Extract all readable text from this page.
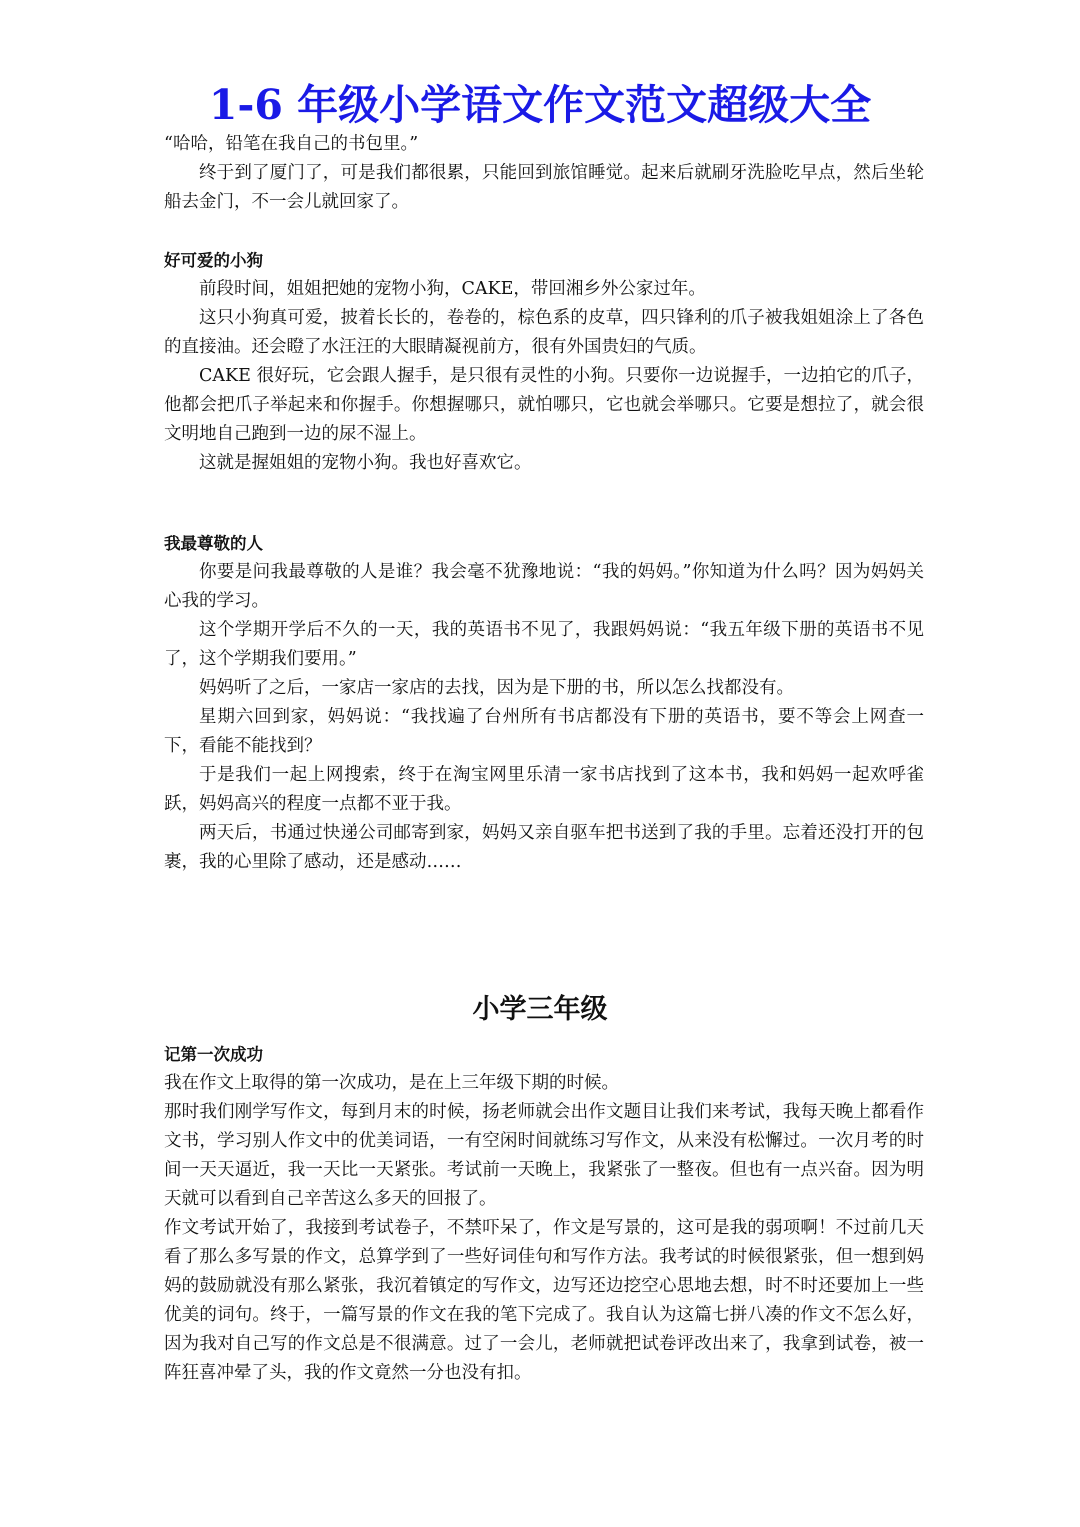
1-6 年级小学语文作文范文超级大全

“哈哈，铅笔在我自己的书包里。”

终于到了厦门了，可是我们都很累，只能回到旅馆睡觉。起来后就刷牙洗脸吃早点，然后坐轮船去金门，不一会儿就回家了。

好可爱的小狗

前段时间，姐姐把她的宠物小狗，CAKE，带回湘乡外公家过年。

这只小狗真可爱，披着长长的，卷卷的，棕色系的皮草，四只锋利的爪子被我姐姐涂上了各色的直接油。还会瞪了水汪汪的大眼睛凝视前方，很有外国贵妇的气质。

CAKE 很好玩，它会跟人握手，是只很有灵性的小狗。只要你一边说握手，一边拍它的爪子，他都会把爪子举起来和你握手。你想握哪只，就怕哪只，它也就会举哪只。它要是想拉了，就会很文明地自己跑到一边的尿不湿上。

这就是握姐姐的宠物小狗。我也好喜欢它。

我最尊敬的人

你要是问我最尊敬的人是谁？我会毫不犹豫地说：“我的妈妈。”你知道为什么吗？因为妈妈关心我的学习。

这个学期开学后不久的一天，我的英语书不见了，我跟妈妈说：“我五年级下册的英语书不见了，这个学期我们要用。”

妈妈听了之后，一家店一家店的去找，因为是下册的书，所以怎么找都没有。

星期六回到家，妈妈说：“我找遍了台州所有书店都没有下册的英语书，要不等会上网查一下，看能不能找到？

于是我们一起上网搜索，终于在淘宝网里乐清一家书店找到了这本书，我和妈妈一起欢呼雀跃，妈妈高兴的程度一点都不亚于我。

两天后，书通过快递公司邮寄到家，妈妈又亲自驱车把书送到了我的手里。忘着还没打开的包裹，我的心里除了感动，还是感动……

小学三年级

记第一次成功

我在作文上取得的第一次成功，是在上三年级下期的时候。

那时我们刚学写作文，每到月末的时候，扬老师就会出作文题目让我们来考试，我每天晚上都看作文书，学习别人作文中的优美词语，一有空闲时间就练习写作文，从来没有松懈过。一次月考的时间一天天逼近，我一天比一天紧张。考试前一天晚上，我紧张了一整夜。但也有一点兴奋。因为明天就可以看到自己辛苦这么多天的回报了。

作文考试开始了，我接到考试卷子，不禁吓呆了，作文是写景的，这可是我的弱项啊！不过前几天看了那么多写景的作文，总算学到了一些好词佳句和写作方法。我考试的时候很紧张，但一想到妈妈的鼓励就没有那么紧张，我沉着镇定的写作文，边写还边挖空心思地去想，时不时还要加上一些优美的词句。终于，一篇写景的作文在我的笔下完成了。我自认为这篇七拼八凑的作文不怎么好，因为我对自己写的作文总是不很满意。过了一会儿，老师就把试卷评改出来了，我拿到试卷，被一阵狂喜冲晕了头，我的作文竟然一分也没有扣。
